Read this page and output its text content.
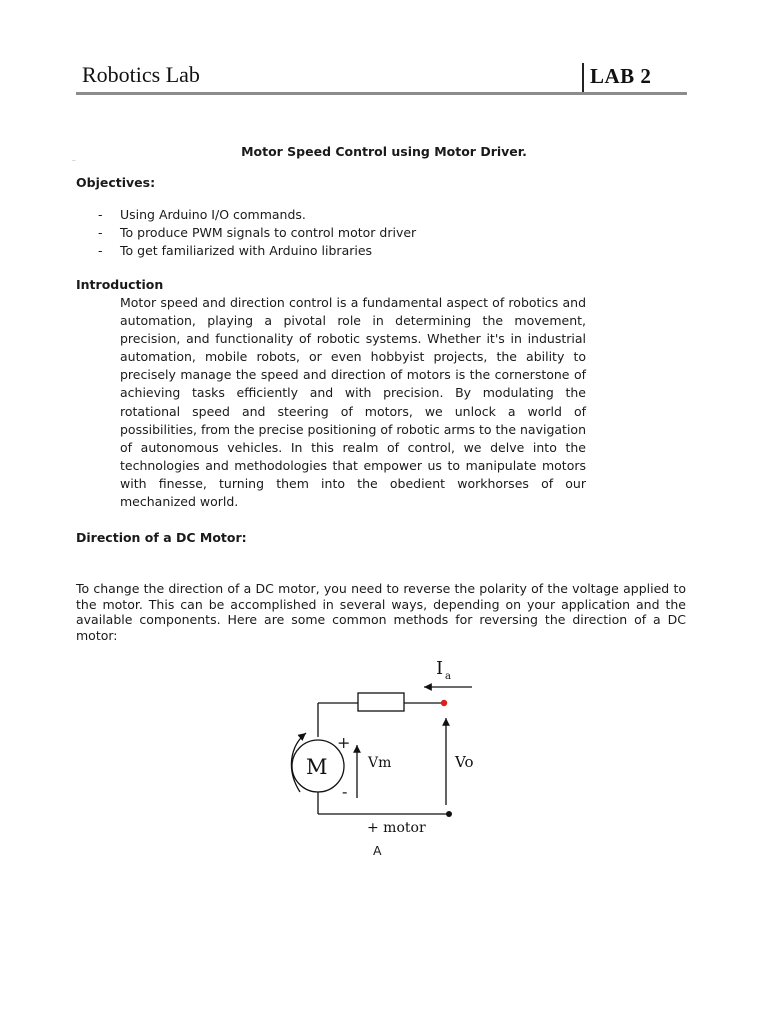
Robotics Lab	LAB 2
Motor Speed Control using Motor Driver.
..
Objectives:
- Using Arduino I/O commands.
- To produce PWM signals to control motor driver
- To get familiarized with Arduino libraries
Introduction

Motor speed and direction control is a fundamental aspect of robotics and automation, playing a pivotal role in determining the movement, precision, and functionality of robotic systems. Whether it's in industrial automation, mobile robots, or even hobbyist projects, the ability to precisely manage the speed and direction of motors is the cornerstone of achieving tasks efficiently and with precision. By modulating the rotational speed and steering of motors, we unlock a world of possibilities, from the precise positioning of robotic arms to the navigation of autonomous vehicles. In this realm of control, we delve into the technologies and methodologies that empower us to manipulate motors with finesse, turning them into the obedient workhorses of our mechanized world.

Direction of a DC Motor:

To change the direction of a DC motor, you need to reverse the polarity of the voltage applied to the motor. This can be accomplished in several ways, depending on your application and the available components. Here are some common methods for reversing the direction of a DC motor:

I a
M
+
-
Vm	Vo
+ motor
A
